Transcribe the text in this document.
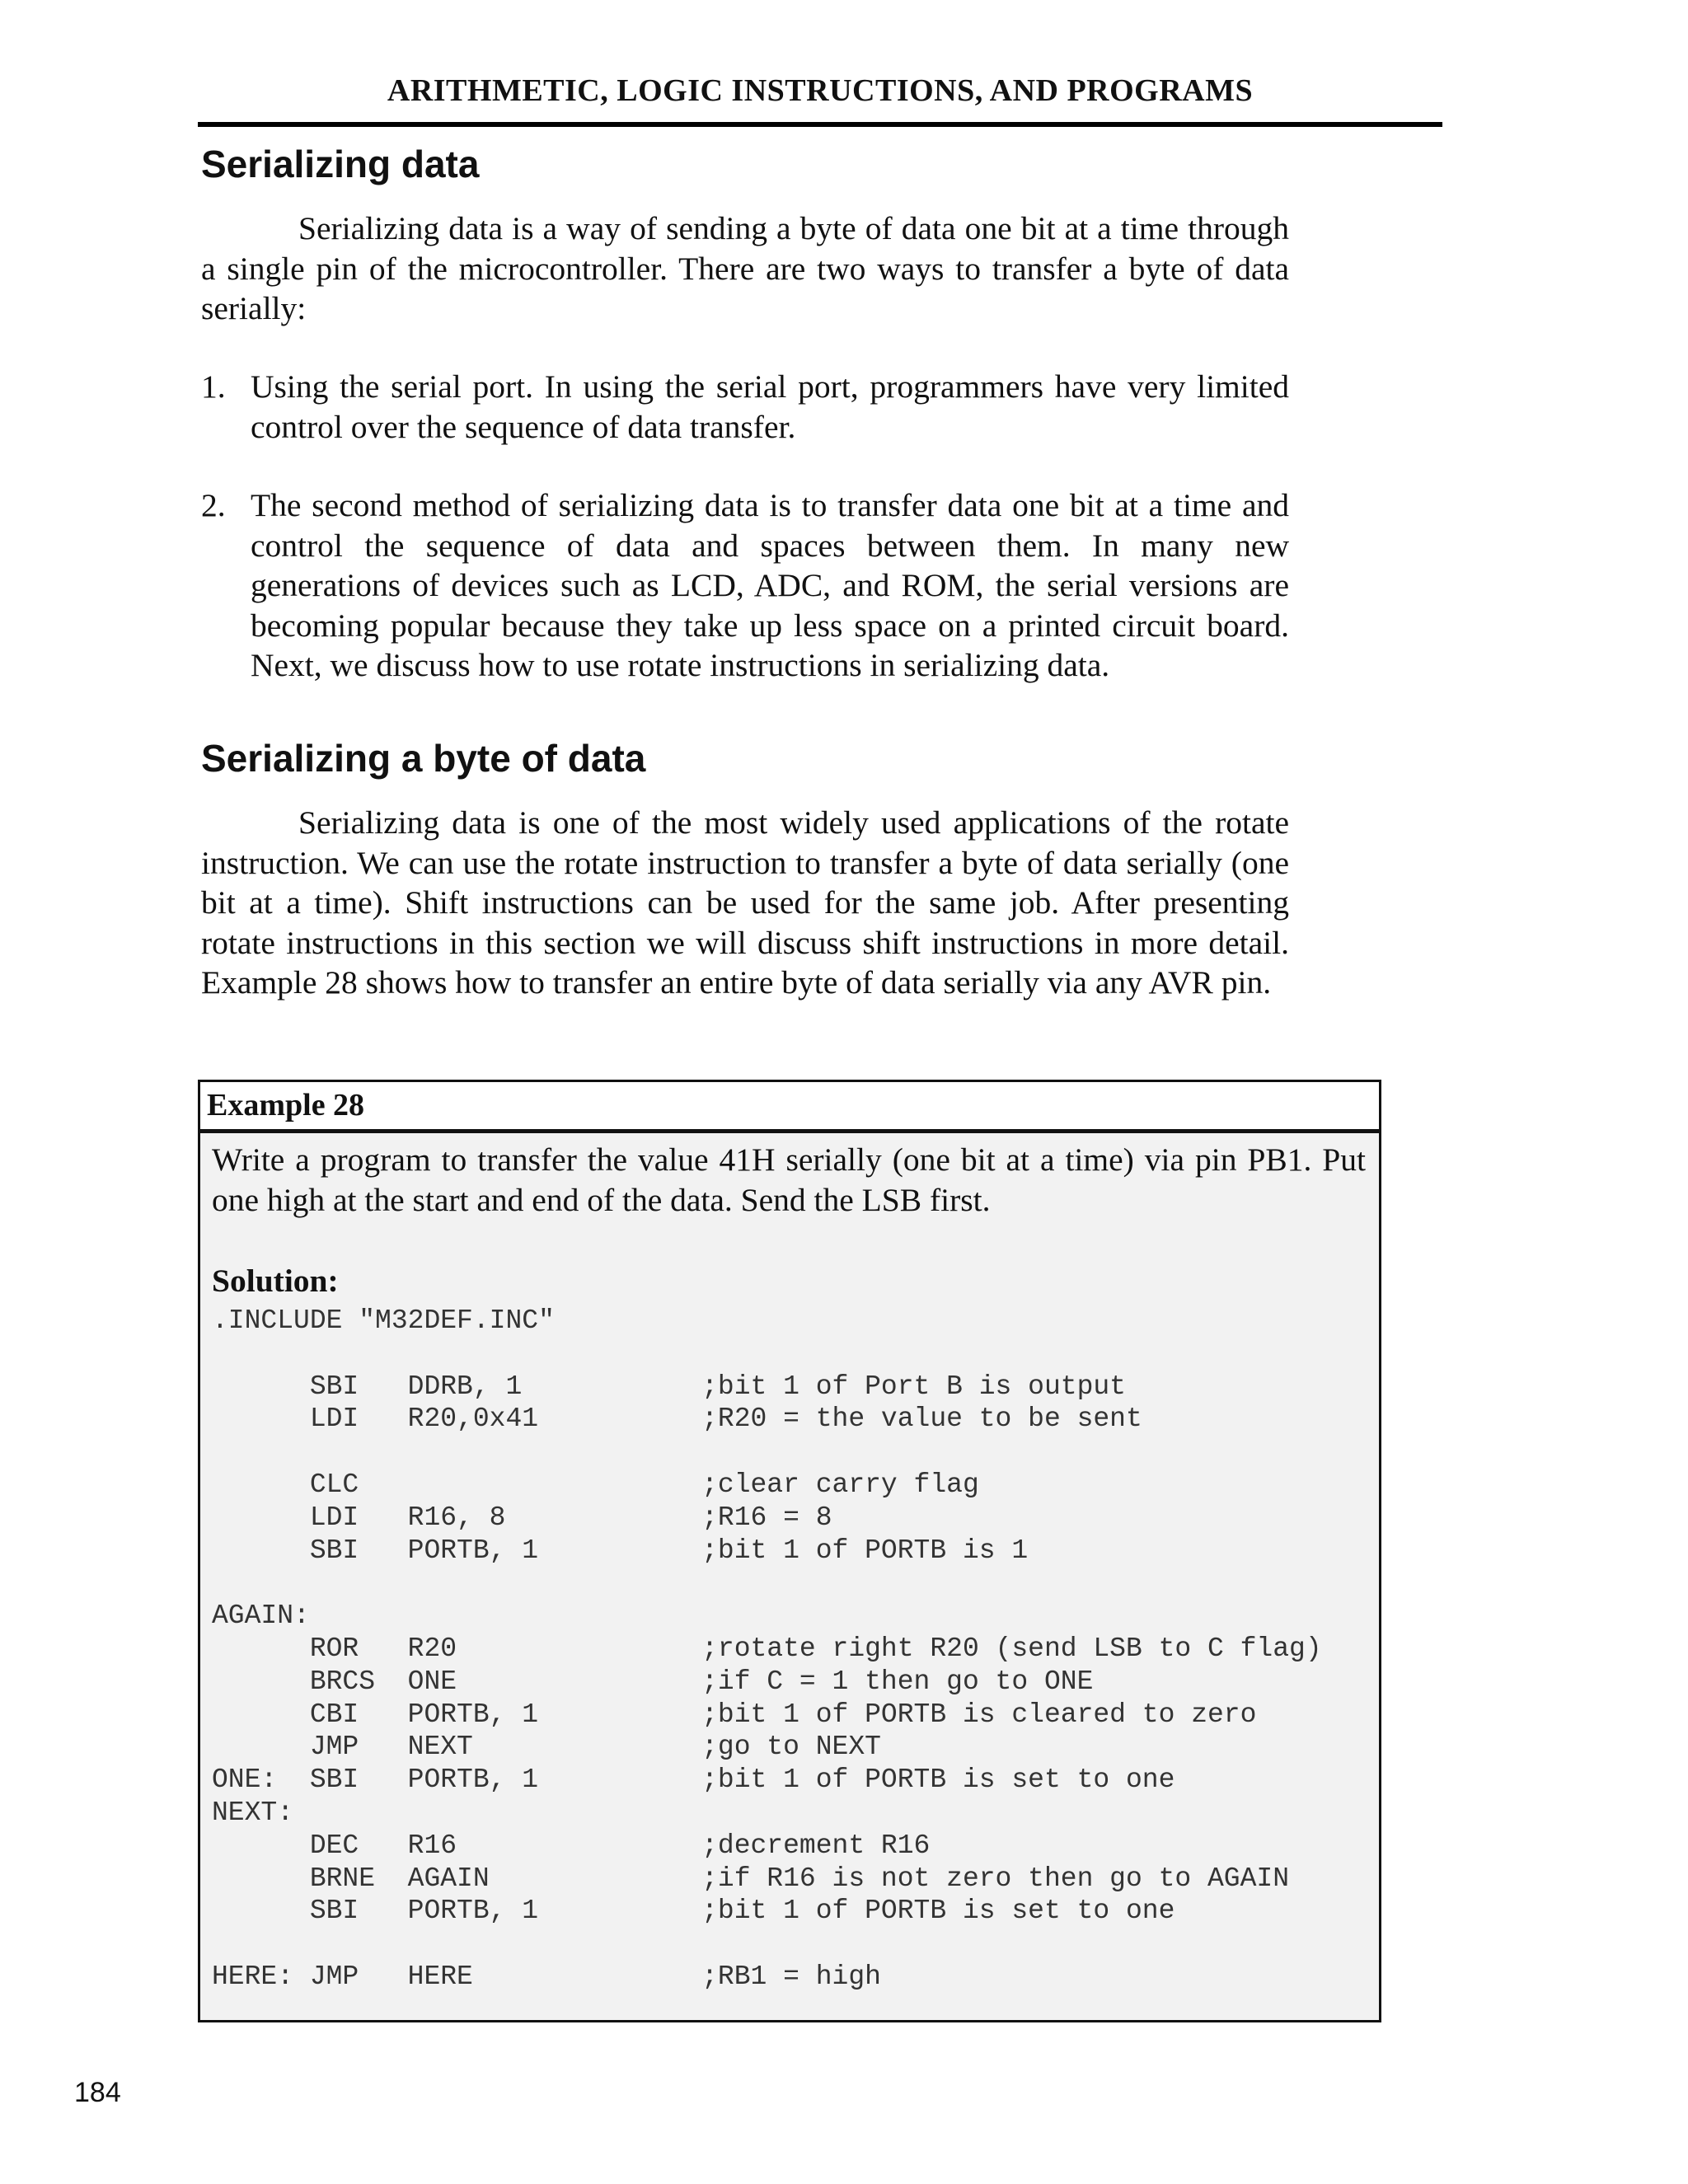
ARITHMETIC, LOGIC INSTRUCTIONS, AND PROGRAMS
Serializing data

Serializing data is a way of sending a byte of data one bit at a time through a single pin of the microcontroller. There are two ways to transfer a byte of data serially:

1. Using the serial port. In using the serial port, programmers have very limited control over the sequence of data transfer.
2. The second method of serializing data is to transfer data one bit at a time and control the sequence of data and spaces between them. In many new generations of devices such as LCD, ADC, and ROM, the serial versions are becoming popular because they take up less space on a printed circuit board. Next, we discuss how to use rotate instructions in serializing data.
Serializing a byte of data

Serializing data is one of the most widely used applications of the rotate instruction. We can use the rotate instruction to transfer a byte of data serially (one bit at a time). Shift instructions can be used for the same job. After presenting rotate instructions in this section we will discuss shift instructions in more detail. Example 28 shows how to transfer an entire byte of data serially via any AVR pin.

Example 28
Write a program to transfer the value 41H serially (one bit at a time) via pin PB1. Put one high at the start and end of the data. Send the LSB first.
Solution:
.INCLUDE "M32DEF.INC"
SBI   DDRB, 1           ;bit 1 of Port B is output
LDI   R20,0x41          ;R20 = the value to be sent
CLC                     ;clear carry flag
LDI   R16, 8            ;R16 = 8
SBI   PORTB, 1          ;bit 1 of PORTB is 1
AGAIN:
ROR   R20               ;rotate right R20 (send LSB to C flag)
BRCS  ONE               ;if C = 1 then go to ONE
CBI   PORTB, 1          ;bit 1 of PORTB is cleared to zero
JMP   NEXT              ;go to NEXT
ONE:  SBI   PORTB, 1          ;bit 1 of PORTB is set to one
NEXT:
DEC   R16               ;decrement R16
BRNE  AGAIN             ;if R16 is not zero then go to AGAIN
SBI   PORTB, 1          ;bit 1 of PORTB is set to one
HERE: JMP   HERE              ;RB1 = high
184
